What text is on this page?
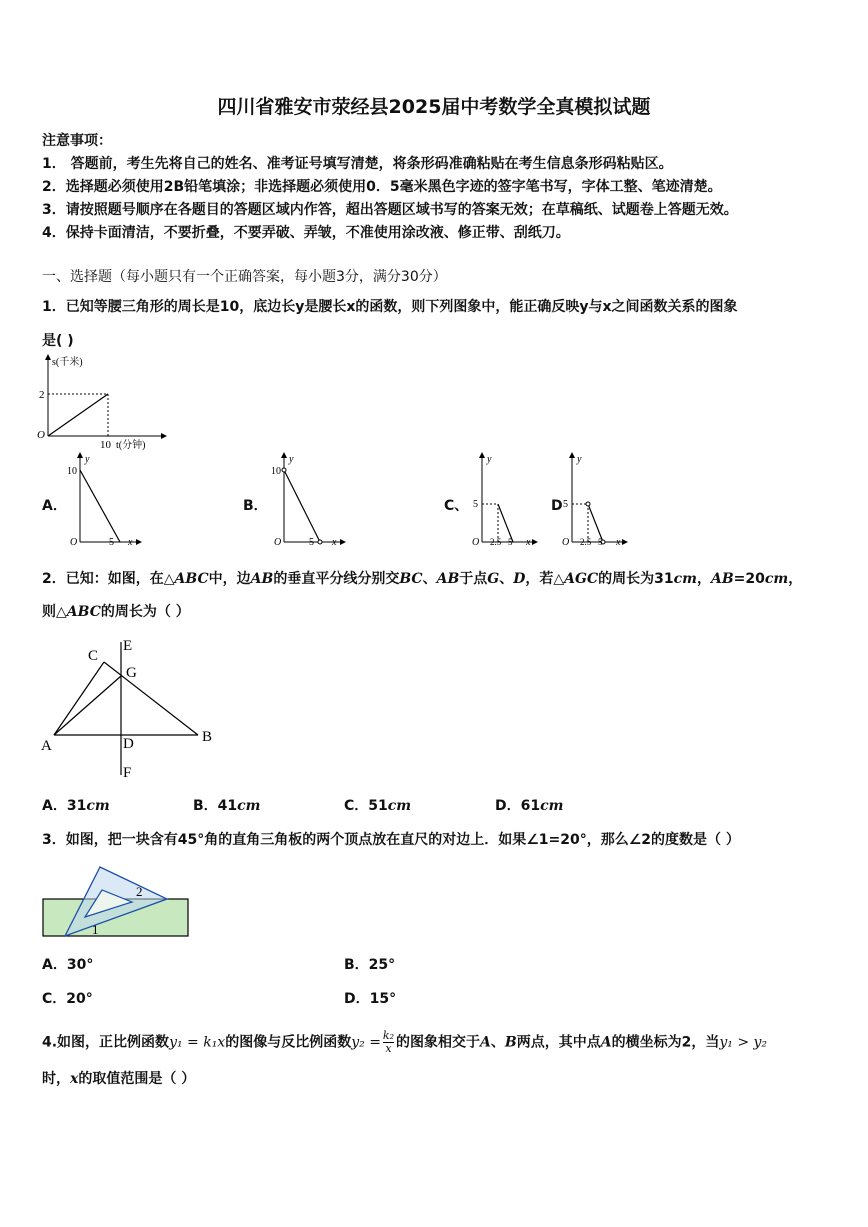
四川省雅安市荥经县2025届中考数学全真模拟试题
注意事项：
1． 答题前，考生先将自己的姓名、准考证号填写清楚，将条形码准确粘贴在考生信息条形码粘贴区。
2．选择题必须使用2B铅笔填涂；非选择题必须使用0．5毫米黑色字迹的签字笔书写，字体工整、笔迹清楚。
3．请按照题号顺序在各题目的答题区域内作答，超出答题区域书写的答案无效；在草稿纸、试题卷上答题无效。
4．保持卡面清洁，不要折叠，不要弄破、弄皱，不准使用涂改液、修正带、刮纸刀。
一、选择题（每小题只有一个正确答案，每小题3分，满分30分）
1．已知等腰三角形的周长是10，底边长y是腰长x的函数，则下列图象中，能正确反映y与x之间函数关系的图象
是( )
s(千米)
2
O
10 t(分钟)
A．
y
10
O	5 x
B．
y
10
O	5 x
C、
y
5
O 2.5 5 x
D
y
5
O 2.5 5 x
2．已知：如图，在△ABC中，边AB的垂直平分线分别交BC、AB于点G、D，若△AGC的周长为31cm，AB=20cm，
则△ABC的周长为（ ）
A
B
C
D
E
F
G
A．31cm	B．41cm	C．51cm	D．61cm
3．如图，把一块含有45°角的直角三角板的两个顶点放在直尺的对边上．如果∠1=20°，那么∠2的度数是（ ）
2
1
A．30°	B．25°
C．20°	D．15°
4.如图，正比例函数y₁ = k₁x的图像与反比例函数$y_2 = \frac{\text{k₂}}{x}$ 的图象相交于A、B两点，其中点A的横坐标为2，当y₁ > y₂
时，x的取值范围是（ ）
